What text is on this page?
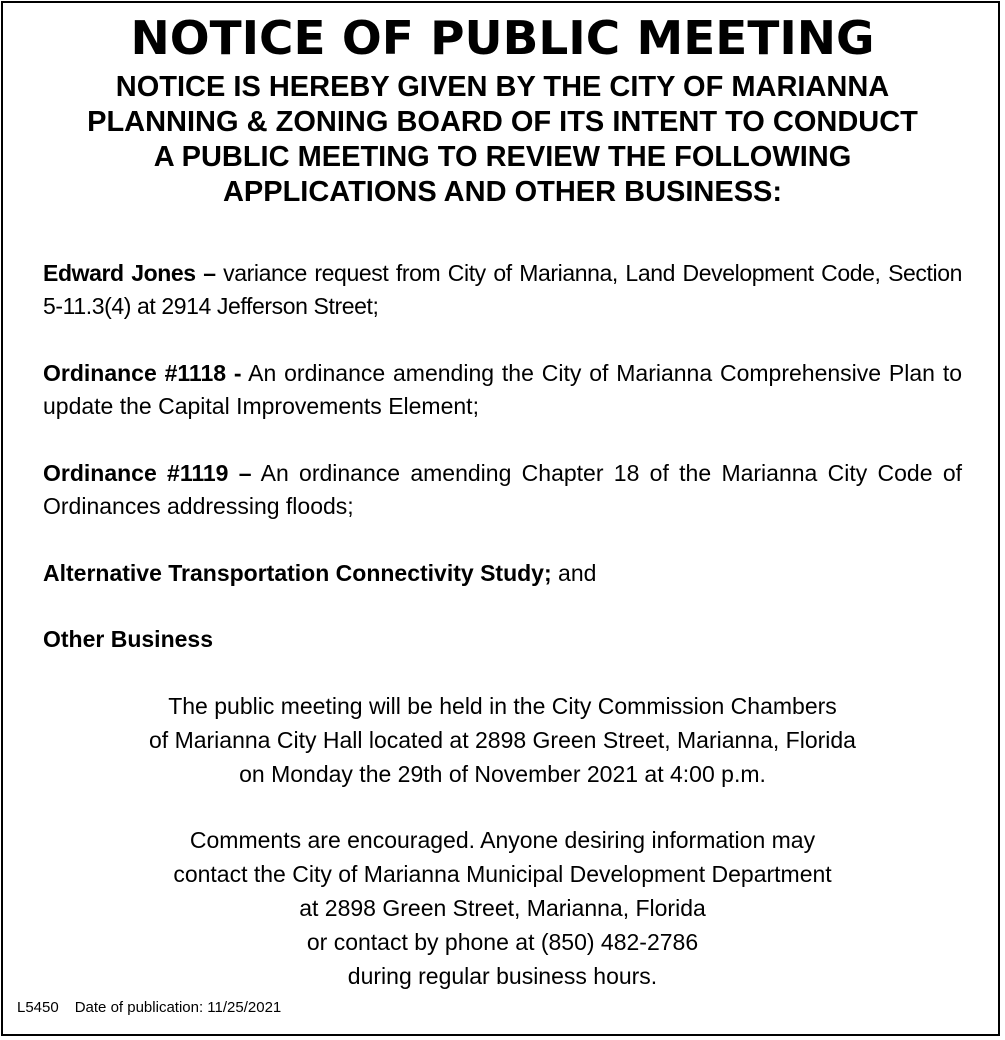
NOTICE OF PUBLIC MEETING
NOTICE IS HEREBY GIVEN BY THE CITY OF MARIANNA
PLANNING & ZONING BOARD OF ITS INTENT TO CONDUCT
A PUBLIC MEETING TO REVIEW THE FOLLOWING
APPLICATIONS AND OTHER BUSINESS:

Edward Jones – variance request from City of Marianna, Land Development Code, Section 5-11.3(4) at 2914 Jefferson Street;

Ordinance #1118 - An ordinance amending the City of Marianna Comprehensive Plan to update the Capital Improvements Element;

Ordinance #1119 – An ordinance amending Chapter 18 of the Marianna City Code of Ordinances addressing floods;

Alternative Transportation Connectivity Study; and

Other Business

The public meeting will be held in the City Commission Chambers
of Marianna City Hall located at 2898 Green Street, Marianna, Florida
on Monday the 29th of November 2021 at 4:00 p.m.
Comments are encouraged. Anyone desiring information may
contact the City of Marianna Municipal Development Department
at 2898 Green Street, Marianna, Florida
or contact by phone at (850) 482-2786
during regular business hours.
L5450 Date of publication: 11/25/2021
